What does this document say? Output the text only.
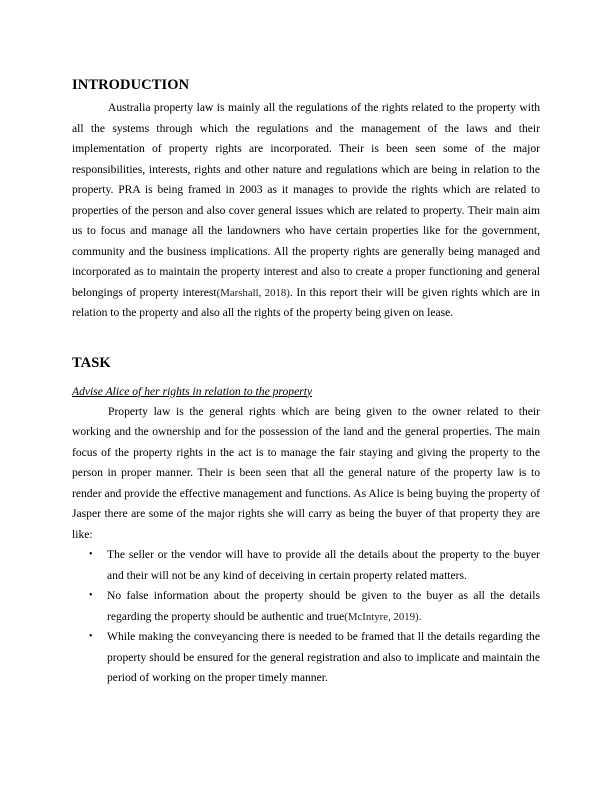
INTRODUCTION

Australia property law is mainly all the regulations of the rights related to the property with all the systems through which the regulations and the management of the laws and their implementation of property rights are incorporated. Their is been seen some of the major responsibilities, interests, rights and other nature and regulations which are being in relation to the property. PRA is being framed in 2003 as it manages to provide the rights which are related to properties of the person and also cover general issues which are related to property. Their main aim us to focus and manage all the landowners who have certain properties like for the government, community and the business implications. All the property rights are generally being managed and incorporated as to maintain the property interest and also to create a proper functioning and general belongings of property interest(Marshall, 2018). In this report their will be given rights which are in relation to the property and also all the rights of the property being given on lease.

TASK

Advise Alice of her rights in relation to the property

Property law is the general rights which are being given to the owner related to their working and the ownership and for the possession of the land and the general properties. The main focus of the property rights in the act is to manage the fair staying and giving the property to the person in proper manner. Their is been seen that all the general nature of the property law is to render and provide the effective management and functions. As Alice is being buying the property of Jasper there are some of the major rights she will carry as being the buyer of that property they are like:

• The seller or the vendor will have to provide all the details about the property to the buyer and their will not be any kind of deceiving in certain property related matters.
• No false information about the property should be given to the buyer as all the details regarding the property should be authentic and true(McIntyre, 2019).
• While making the conveyancing there is needed to be framed that ll the details regarding the property should be ensured for the general registration and also to implicate and maintain the period of working on the proper timely manner.
